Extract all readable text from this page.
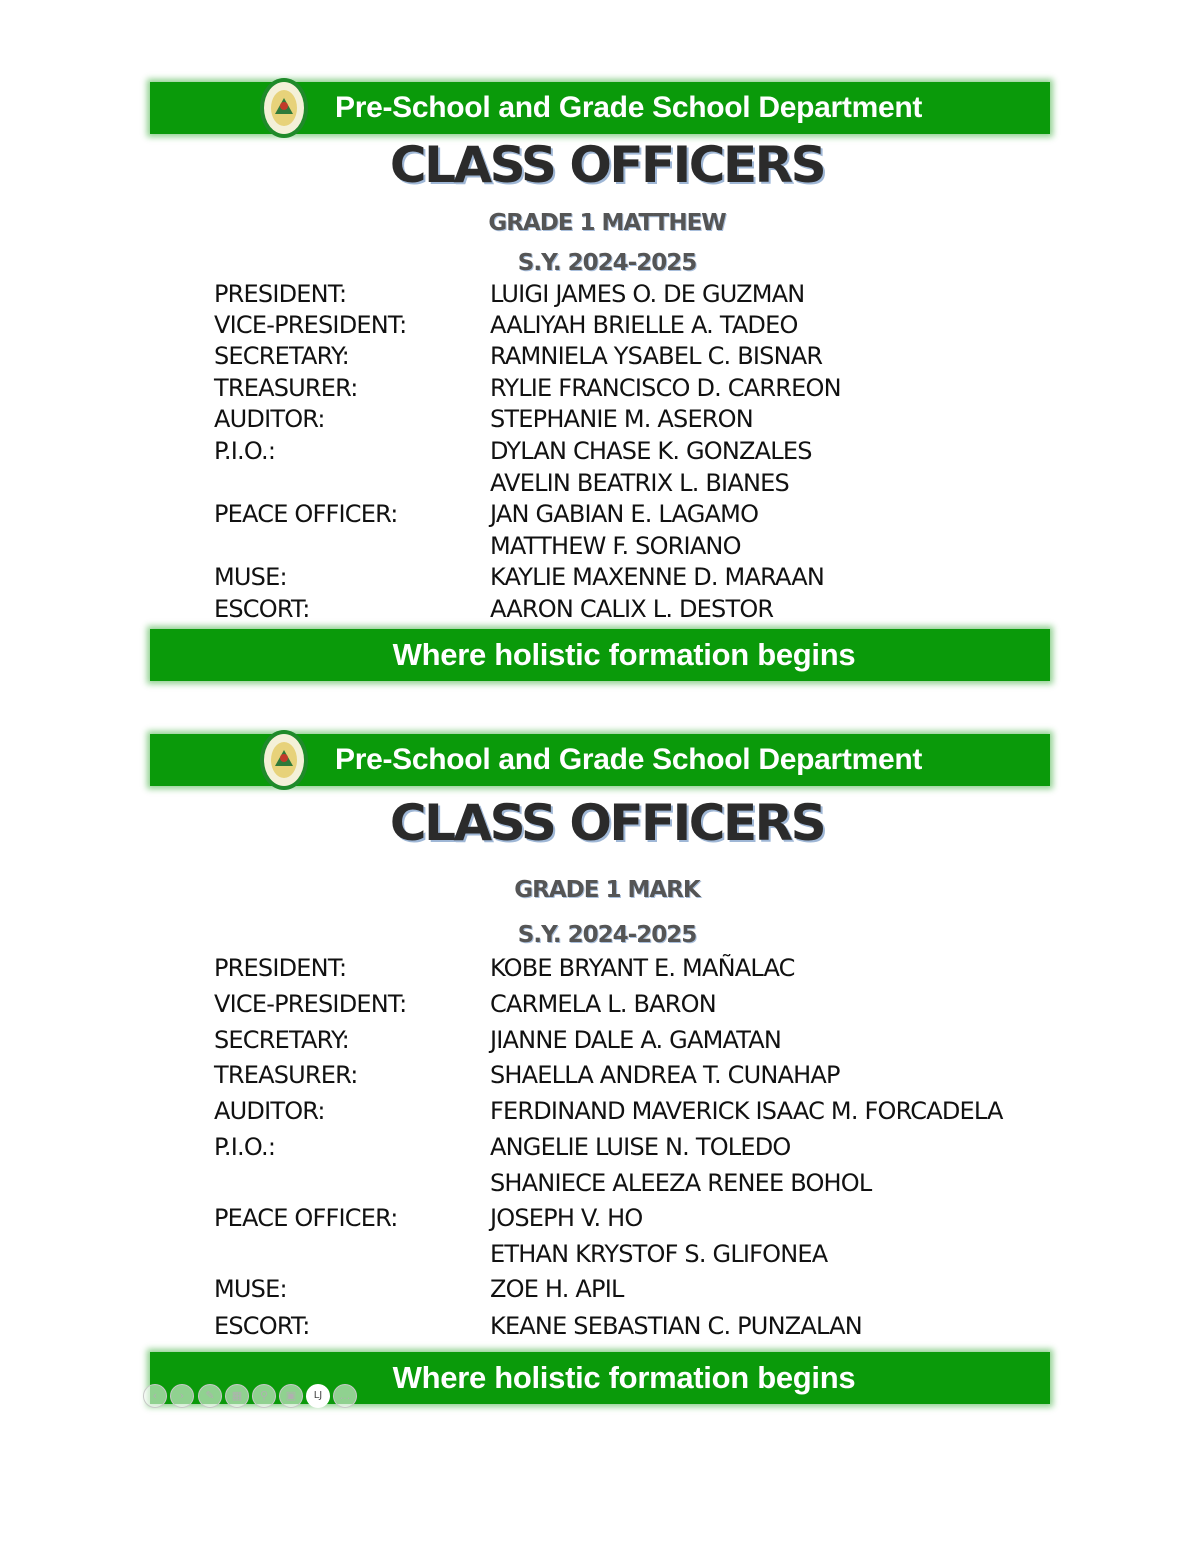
Pre-School and Grade School Department
CLASS OFFICERS
GRADE 1 MATTHEW
S.Y. 2024-2025
PRESIDENT:	LUIGI JAMES O. DE GUZMAN
VICE-PRESIDENT:	AALIYAH BRIELLE A. TADEO
SECRETARY:	RAMNIELA YSABEL C. BISNAR
TREASURER:	RYLIE FRANCISCO D. CARREON
AUDITOR:	STEPHANIE M. ASERON
P.I.O.:	DYLAN CHASE K. GONZALES
AVELIN BEATRIX L. BIANES
PEACE OFFICER:	JAN GABIAN E. LAGAMO
MATTHEW F. SORIANO
MUSE:	KAYLIE MAXENNE D. MARAAN
ESCORT:	AARON CALIX L. DESTOR
Where holistic formation begins
Pre-School and Grade School Department
CLASS OFFICERS
GRADE 1 MARK
S.Y. 2024-2025
PRESIDENT:	KOBE BRYANT E. MAÑALAC
VICE-PRESIDENT:	CARMELA L. BARON
SECRETARY:	JIANNE DALE A. GAMATAN
TREASURER:	SHAELLA ANDREA T. CUNAHAP
AUDITOR:	FERDINAND MAVERICK ISAAC M. FORCADELA
P.I.O.:	ANGELIE LUISE N. TOLEDO
SHANIECE ALEEZA RENEE BOHOL
PEACE OFFICER:	JOSEPH V. HO
ETHAN KRYSTOF S. GLIFONEA
MUSE:	ZOE H. APIL
ESCORT:	KEANE SEBASTIAN C. PUNZALAN
Where holistic formation begins
‹	›	✎	▦	⚲	▣	LJ	...
